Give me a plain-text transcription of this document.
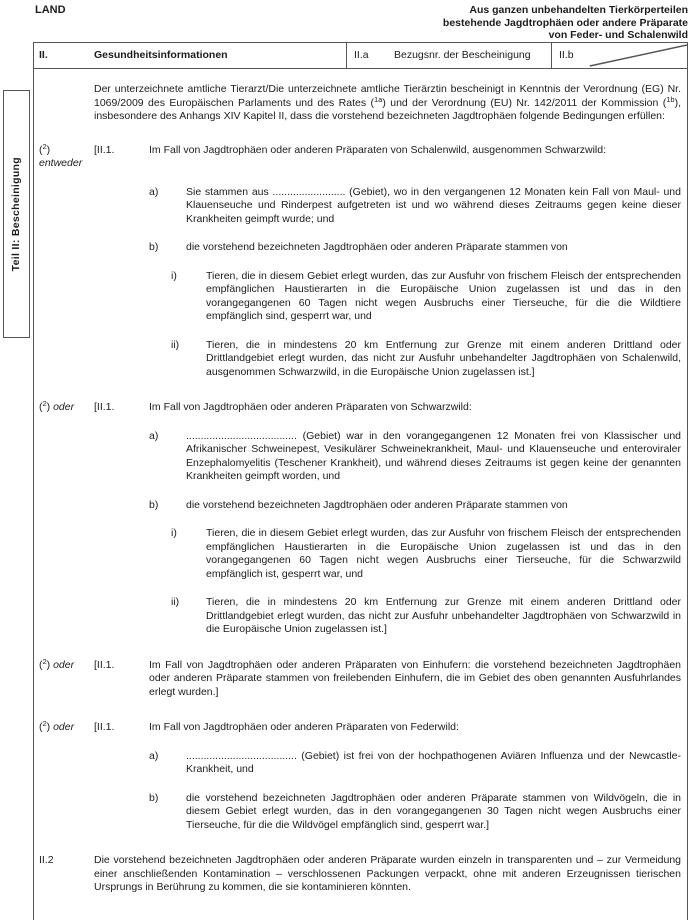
LAND	Aus ganzen unbehandelten Tierkörperteilen
bestehende Jagdtrophäen oder andere Präparate
von Feder- und Schalenwild
Teil II: Bescheinigung
II.	Gesundheitsinformationen	II.a	Bezugsnr. der Bescheinigung	II.b

Der unterzeichnete amtliche Tierarzt/Die unterzeichnete amtliche Tierärztin bescheinigt in Kenntnis der Verordnung (EG) Nr. 1069/2009 des Europäischen Parlaments und des Rates ($^{1a}$) und der Verordnung (EU) Nr. 142/2011 der Kommission ($^{1b}$), insbesondere des Anhangs XIV Kapitel II, dass die vorstehend bezeichneten Jagdtrophäen folgende Bedingungen erfüllen:

($^2$) entweder
[II.1.	Im Fall von Jagdtrophäen oder anderen Präparaten von Schalenwild, ausgenommen Schwarzwild:
a)	Sie stammen aus ......................... (Gebiet), wo in den vergangenen 12 Monaten kein Fall von Maul- und Klauenseuche und Rinderpest aufgetreten ist und wo während dieses Zeitraums gegen keine dieser Krankheiten geimpft wurde; und
b)	die vorstehend bezeichneten Jagdtrophäen oder anderen Präparate stammen von
i)	Tieren, die in diesem Gebiet erlegt wurden, das zur Ausfuhr von frischem Fleisch der entsprechenden empfänglichen Haustierarten in die Europäische Union zugelassen ist und das in den vorangegangenen 60 Tagen nicht wegen Ausbruchs einer Tierseuche, für die die Wildtiere empfänglich sind, gesperrt war, und
ii)	Tieren, die in mindestens 20 km Entfernung zur Grenze mit einem anderen Drittland oder Drittlandgebiet erlegt wurden, das nicht zur Ausfuhr unbehandelter Jagdtrophäen von Schalenwild, ausgenommen Schwarzwild, in die Europäische Union zugelassen ist.]
($^2$) oder	[II.1.	Im Fall von Jagdtrophäen oder anderen Präparaten von Schwarzwild:
a)	...................................... (Gebiet) war in den vorangegangenen 12 Monaten frei von Klassischer und Afrikanischer Schweinepest, Vesikulärer Schweinekrankheit, Maul- und Klauenseuche und enteroviraler Enzephalomyelitis (Teschener Krankheit), und während dieses Zeitraums ist gegen keine der genannten Krankheiten geimpft worden, und
b)	die vorstehend bezeichneten Jagdtrophäen oder anderen Präparate stammen von
i)	Tieren, die in diesem Gebiet erlegt wurden, das zur Ausfuhr von frischem Fleisch der entsprechenden empfänglichen Haustierarten in die Europäische Union zugelassen ist und das in den vorangegangenen 60 Tagen nicht wegen Ausbruchs einer Tierseuche, für die Schwarzwild empfänglich ist, gesperrt war, und
ii)	Tieren, die in mindestens 20 km Entfernung zur Grenze mit einem anderen Drittland oder Drittlandgebiet erlegt wurden, das nicht zur Ausfuhr unbehandelter Jagdtrophäen von Schwarzwild in die Europäische Union zugelassen ist.]
($^2$) oder	[II.1.	Im Fall von Jagdtrophäen oder anderen Präparaten von Einhufern: die vorstehend bezeichneten Jagdtrophäen oder anderen Präparate stammen von freilebenden Einhufern, die im Gebiet des oben genannten Ausfuhrlandes erlegt wurden.]
($^2$) oder	[II.1.	Im Fall von Jagdtrophäen oder anderen Präparaten von Federwild:
a)	...................................... (Gebiet) ist frei von der hochpathogenen Aviären Influenza und der Newcastle-Krankheit, und
b)	die vorstehend bezeichneten Jagdtrophäen oder anderen Präparate stammen von Wildvögeln, die in diesem Gebiet erlegt wurden, das in den vorangegangenen 30 Tagen nicht wegen Ausbruchs einer Tierseuche, für die die Wildvögel empfänglich sind, gesperrt war.]
II.2	Die vorstehend bezeichneten Jagdtrophäen oder anderen Präparate wurden einzeln in transparenten und – zur Vermeidung einer anschließenden Kontamination – verschlossenen Packungen verpackt, ohne mit anderen Erzeugnissen tierischen Ursprungs in Berührung zu kommen, die sie kontaminieren könnten.
